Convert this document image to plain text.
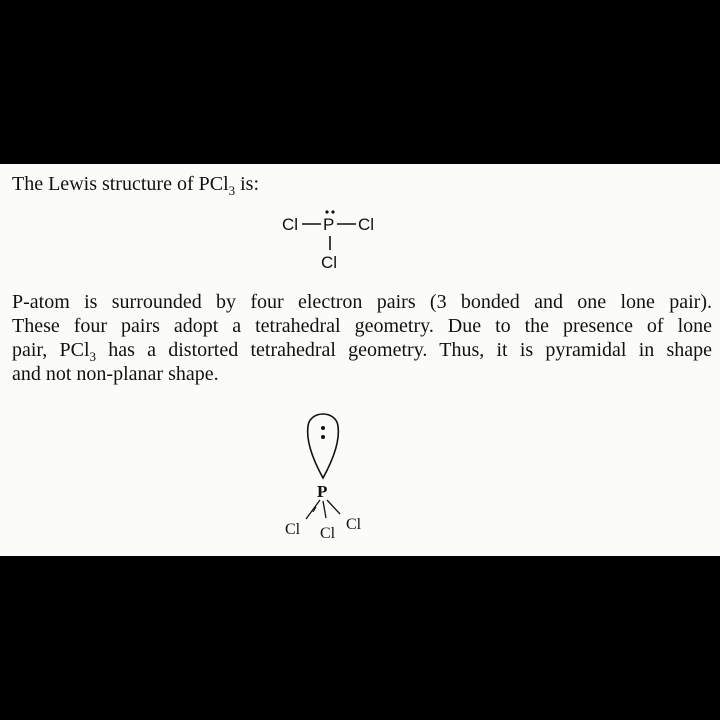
The Lewis structure of PCl$_3$ is:
Cl P Cl
Cl
P-atom is surrounded by four electron pairs (3 bonded and one lone pair).
These four pairs adopt a tetrahedral geometry. Due to the presence of lone
pair, PCl$_3$ has a distorted tetrahedral geometry. Thus, it is pyramidal in shape
and not non-planar shape.
P
Cl Cl
Cl
